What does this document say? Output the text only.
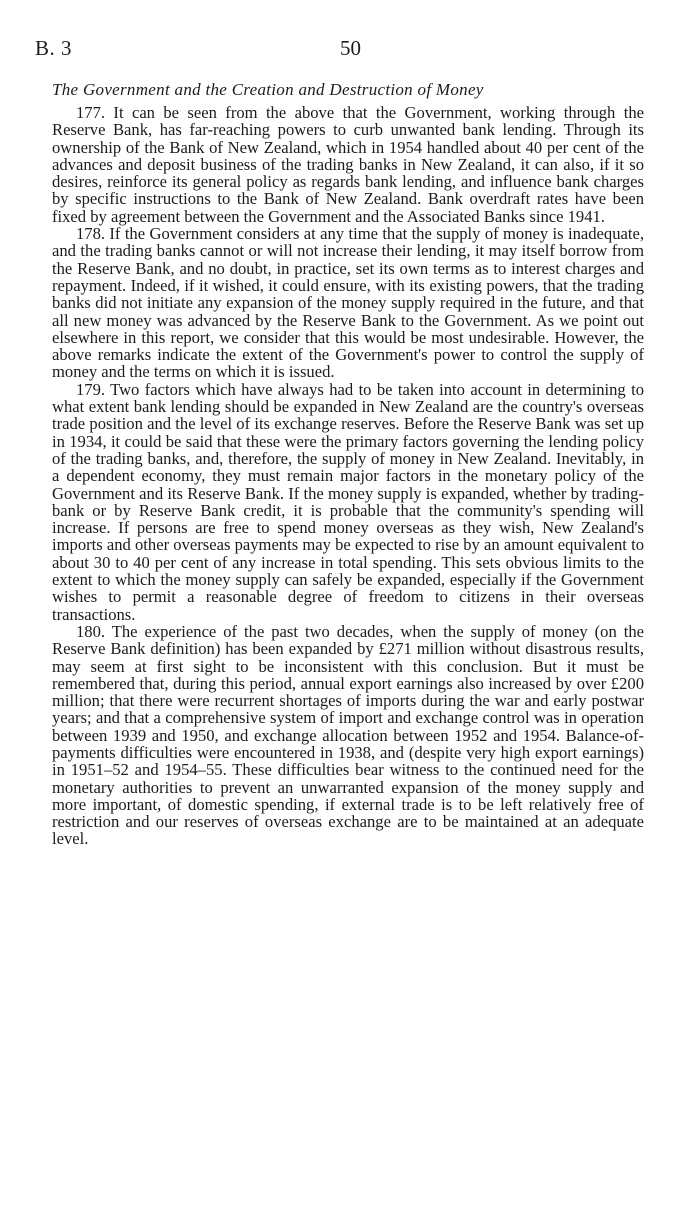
B. 3	50
The Government and the Creation and Destruction of Money

177. It can be seen from the above that the Government, working through the Reserve Bank, has far-reaching powers to curb unwanted bank lending. Through its ownership of the Bank of New Zealand, which in 1954 handled about 40 per cent of the advances and deposit business of the trading banks in New Zealand, it can also, if it so desires, reinforce its general policy as regards bank lending, and influence bank charges by specific instructions to the Bank of New Zealand. Bank overdraft rates have been fixed by agreement between the Government and the Associated Banks since 1941.

178. If the Government considers at any time that the supply of money is inadequate, and the trading banks cannot or will not increase their lending, it may itself borrow from the Reserve Bank, and no doubt, in practice, set its own terms as to interest charges and repayment. Indeed, if it wished, it could ensure, with its existing powers, that the trading banks did not initiate any expansion of the money supply required in the future, and that all new money was advanced by the Reserve Bank to the Government. As we point out elsewhere in this report, we consider that this would be most undesirable. However, the above remarks indicate the extent of the Government's power to control the supply of money and the terms on which it is issued.

179. Two factors which have always had to be taken into account in determining to what extent bank lending should be expanded in New Zealand are the country's overseas trade position and the level of its exchange reserves. Before the Reserve Bank was set up in 1934, it could be said that these were the primary factors governing the lending policy of the trading banks, and, therefore, the supply of money in New Zealand. Inevitably, in a dependent economy, they must remain major factors in the monetary policy of the Government and its Reserve Bank. If the money supply is expanded, whether by trading-bank or by Reserve Bank credit, it is probable that the community's spending will increase. If persons are free to spend money overseas as they wish, New Zealand's imports and other overseas payments may be expected to rise by an amount equivalent to about 30 to 40 per cent of any increase in total spending. This sets obvious limits to the extent to which the money supply can safely be expanded, especially if the Government wishes to permit a reasonable degree of freedom to citizens in their overseas transactions.

180. The experience of the past two decades, when the supply of money (on the Reserve Bank definition) has been expanded by £271 million without disastrous results, may seem at first sight to be inconsistent with this conclusion. But it must be remembered that, during this period, annual export earnings also increased by over £200 million; that there were recurrent shortages of imports during the war and early postwar years; and that a comprehensive system of import and exchange control was in operation between 1939 and 1950, and exchange allocation between 1952 and 1954. Balance-of-payments difficulties were encountered in 1938, and (despite very high export earnings) in 1951–52 and 1954–55. These difficulties bear witness to the continued need for the monetary authorities to prevent an unwarranted expansion of the money supply and more important, of domestic spending, if external trade is to be left relatively free of restriction and our reserves of overseas exchange are to be maintained at an adequate level.
